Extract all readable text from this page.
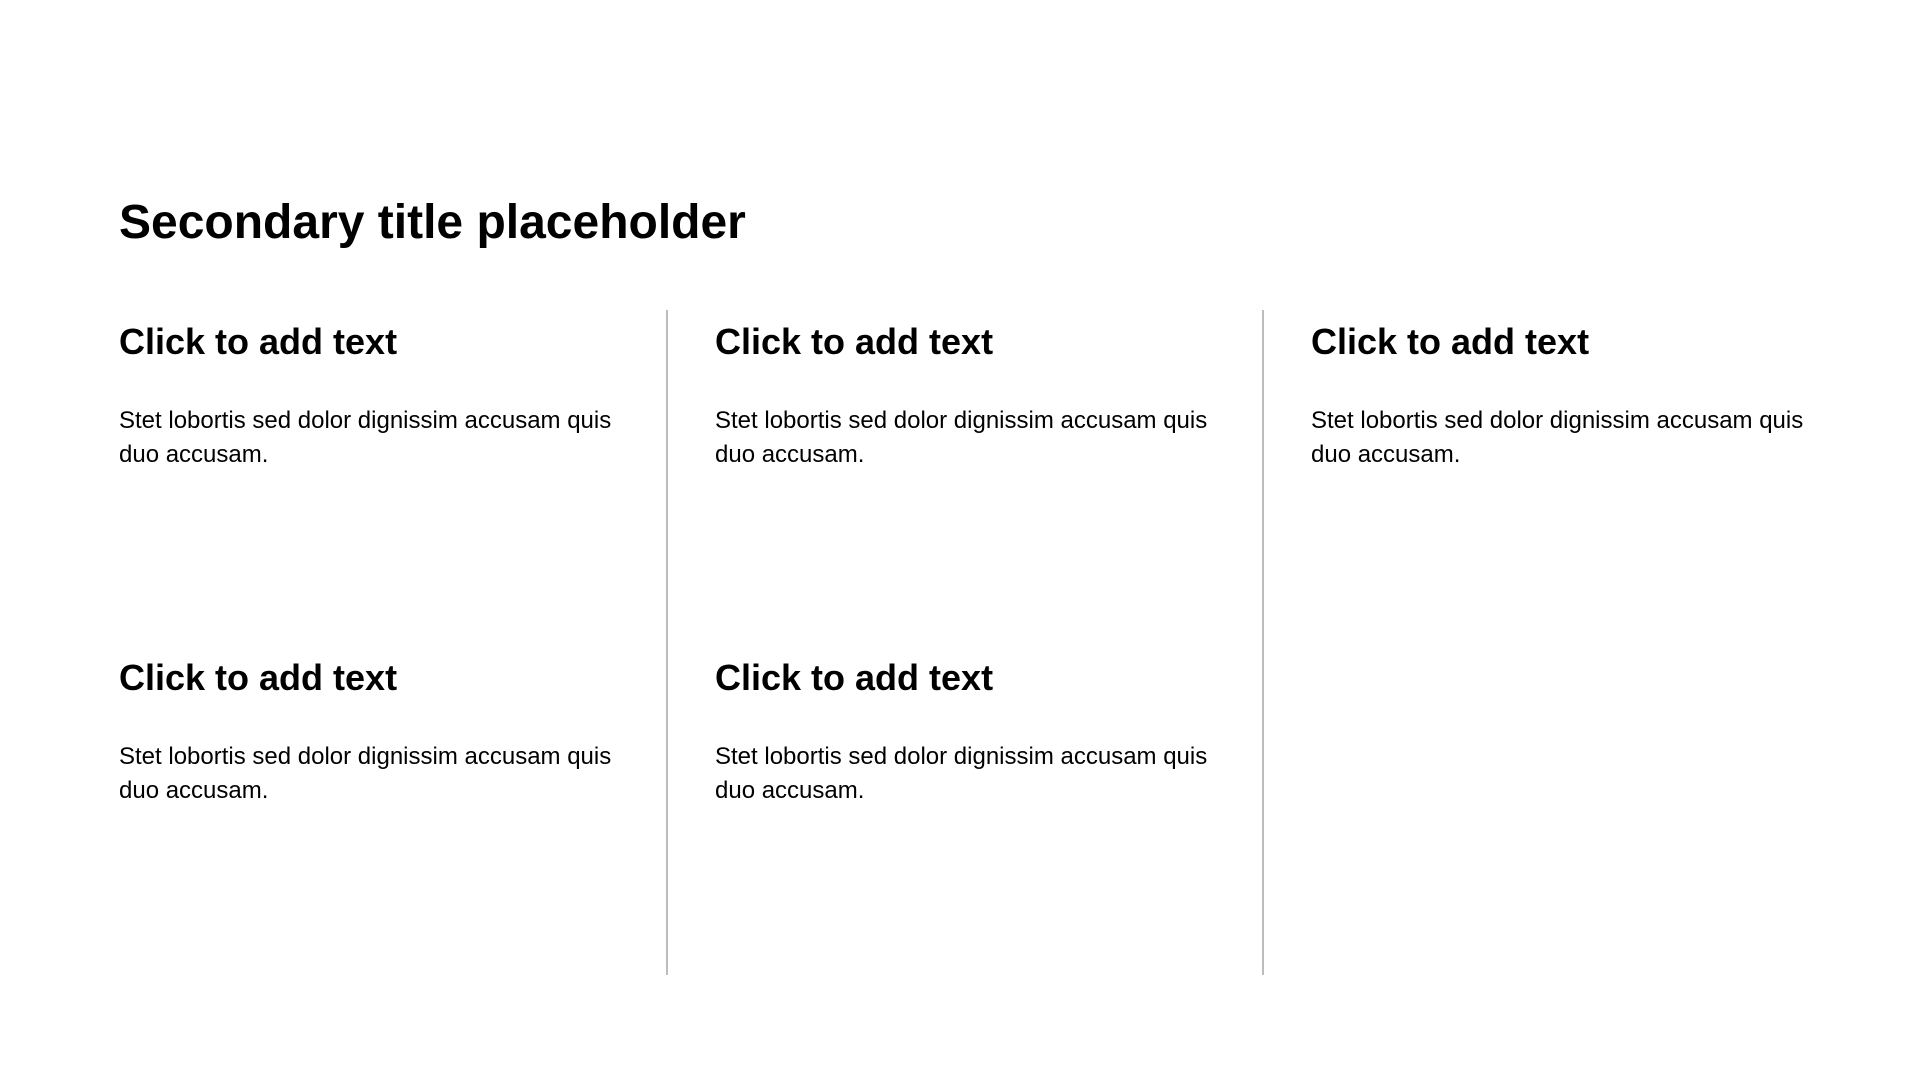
Secondary title placeholder
Click to add text

Stet lobortis sed dolor dignissim accusam quis duo accusam.

Click to add text

Stet lobortis sed dolor dignissim accusam quis duo accusam.

Click to add text

Stet lobortis sed dolor dignissim accusam quis duo accusam.

Click to add text

Stet lobortis sed dolor dignissim accusam quis duo accusam.

Click to add text

Stet lobortis sed dolor dignissim accusam quis duo accusam.
